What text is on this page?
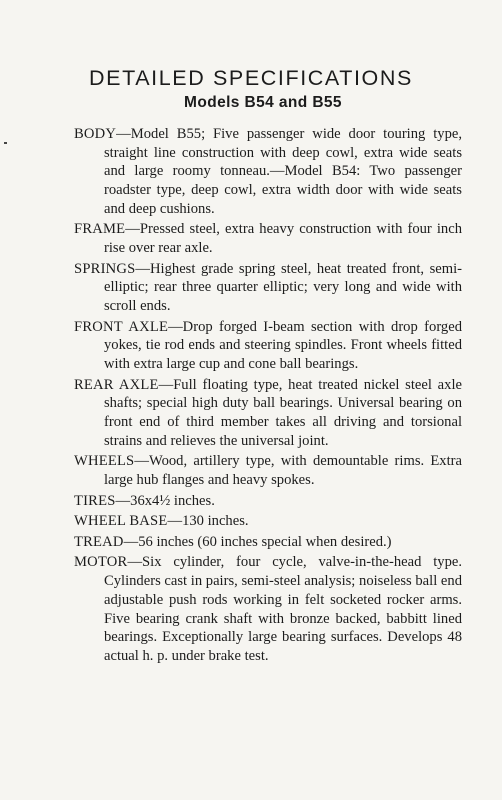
DETAILED SPECIFICATIONS
Models B54 and B55

BODY—Model B55; Five passenger wide door touring type, straight line construction with deep cowl, extra wide seats and large roomy tonneau.—Model B54: Two passenger roadster type, deep cowl, extra width door with wide seats and deep cushions.

FRAME—Pressed steel, extra heavy construction with four inch rise over rear axle.

SPRINGS—Highest grade spring steel, heat treated front, semi-elliptic; rear three quarter elliptic; very long and wide with scroll ends.

FRONT AXLE—Drop forged I-beam section with drop forged yokes, tie rod ends and steering spindles. Front wheels fitted with extra large cup and cone ball bearings.

REAR AXLE—Full floating type, heat treated nickel steel axle shafts; special high duty ball bearings. Universal bearing on front end of third member takes all driving and torsional strains and relieves the universal joint.

WHEELS—Wood, artillery type, with demountable rims. Extra large hub flanges and heavy spokes.

TIRES—36x4½ inches.

WHEEL BASE—130 inches.

TREAD—56 inches (60 inches special when desired.)

MOTOR—Six cylinder, four cycle, valve-in-the-head type. Cylinders cast in pairs, semi-steel analysis; noiseless ball end adjustable push rods working in felt socketed rocker arms. Five bearing crank shaft with bronze backed, babbitt lined bearings. Exceptionally large bearing surfaces. Develops 48 actual h. p. under brake test.
